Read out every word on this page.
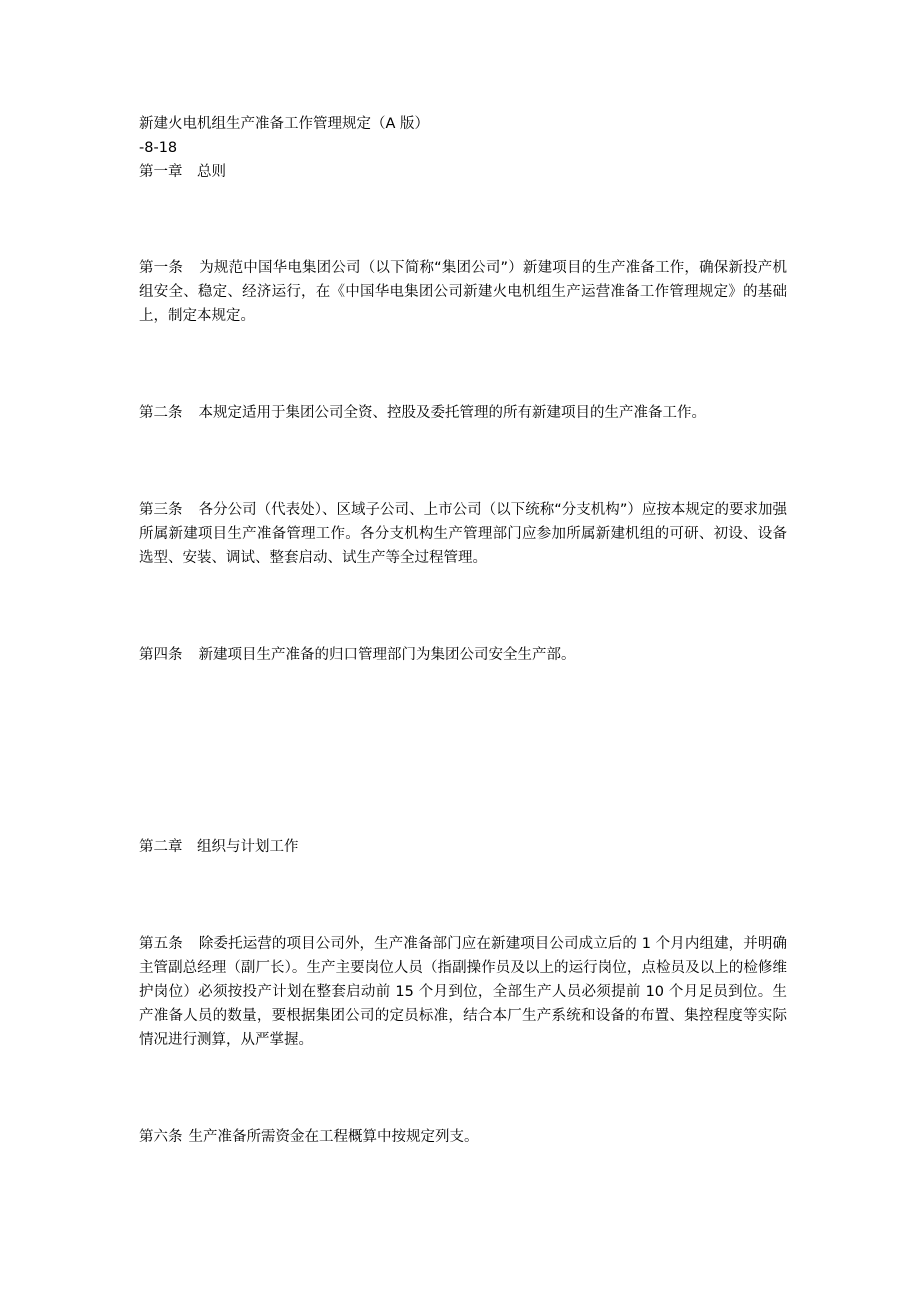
新建火电机组生产准备工作管理规定（A 版）
-8-18
第一章　总则
第一条 为规范中国华电集团公司（以下简称“集团公司”）新建项目的生产准备工作，确保新投产机组安全、稳定、经济运行，在《中国华电集团公司新建火电机组生产运营准备工作管理规定》的基础上，制定本规定。
第二条 本规定适用于集团公司全资、控股及委托管理的所有新建项目的生产准备工作。
第三条 各分公司（代表处）、区域子公司、上市公司（以下统称“分支机构”）应按本规定的要求加强所属新建项目生产准备管理工作。各分支机构生产管理部门应参加所属新建机组的可研、初设、设备选型、安装、调试、整套启动、试生产等全过程管理。
第四条 新建项目生产准备的归口管理部门为集团公司安全生产部。
第二章　组织与计划工作
第五条 除委托运营的项目公司外，生产准备部门应在新建项目公司成立后的 1 个月内组建，并明确主管副总经理（副厂长）。生产主要岗位人员（指副操作员及以上的运行岗位，点检员及以上的检修维护岗位）必须按投产计划在整套启动前 15 个月到位，全部生产人员必须提前 10 个月足员到位。生产准备人员的数量，要根据集团公司的定员标准，结合本厂生产系统和设备的布置、集控程度等实际情况进行测算，从严掌握。
第六条 生产准备所需资金在工程概算中按规定列支。
